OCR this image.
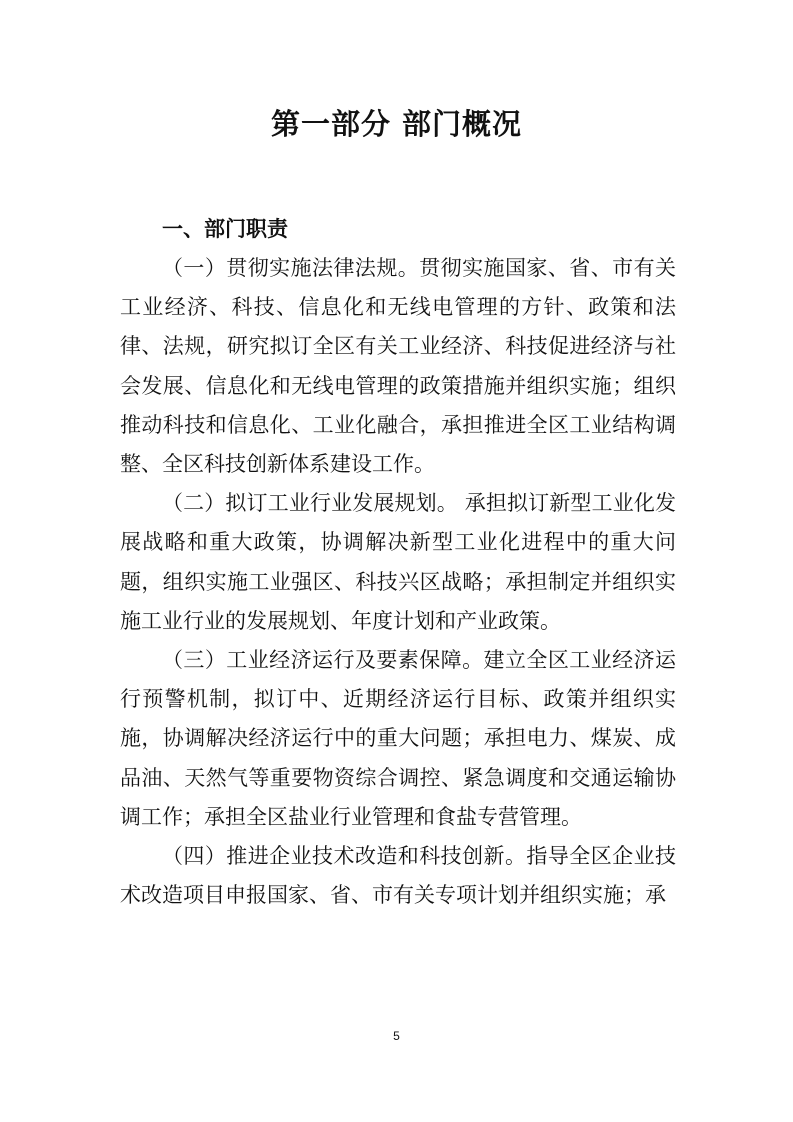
第一部分 部门概况

一、部门职责

（一）贯彻实施法律法规。贯彻实施国家、省、市有关工业经济、科技、信息化和无线电管理的方针、政策和法律、法规，研究拟订全区有关工业经济、科技促进经济与社会发展、信息化和无线电管理的政策措施并组织实施；组织推动科技和信息化、工业化融合，承担推进全区工业结构调整、全区科技创新体系建设工作。

（二）拟订工业行业发展规划。 承担拟订新型工业化发展战略和重大政策，协调解决新型工业化进程中的重大问题，组织实施工业强区、科技兴区战略；承担制定并组织实施工业行业的发展规划、年度计划和产业政策。

（三）工业经济运行及要素保障。建立全区工业经济运行预警机制，拟订中、近期经济运行目标、政策并组织实施，协调解决经济运行中的重大问题；承担电力、煤炭、成品油、天然气等重要物资综合调控、紧急调度和交通运输协调工作；承担全区盐业行业管理和食盐专营管理。

（四）推进企业技术改造和科技创新。指导全区企业技术改造项目申报国家、省、市有关专项计划并组织实施；承

5
